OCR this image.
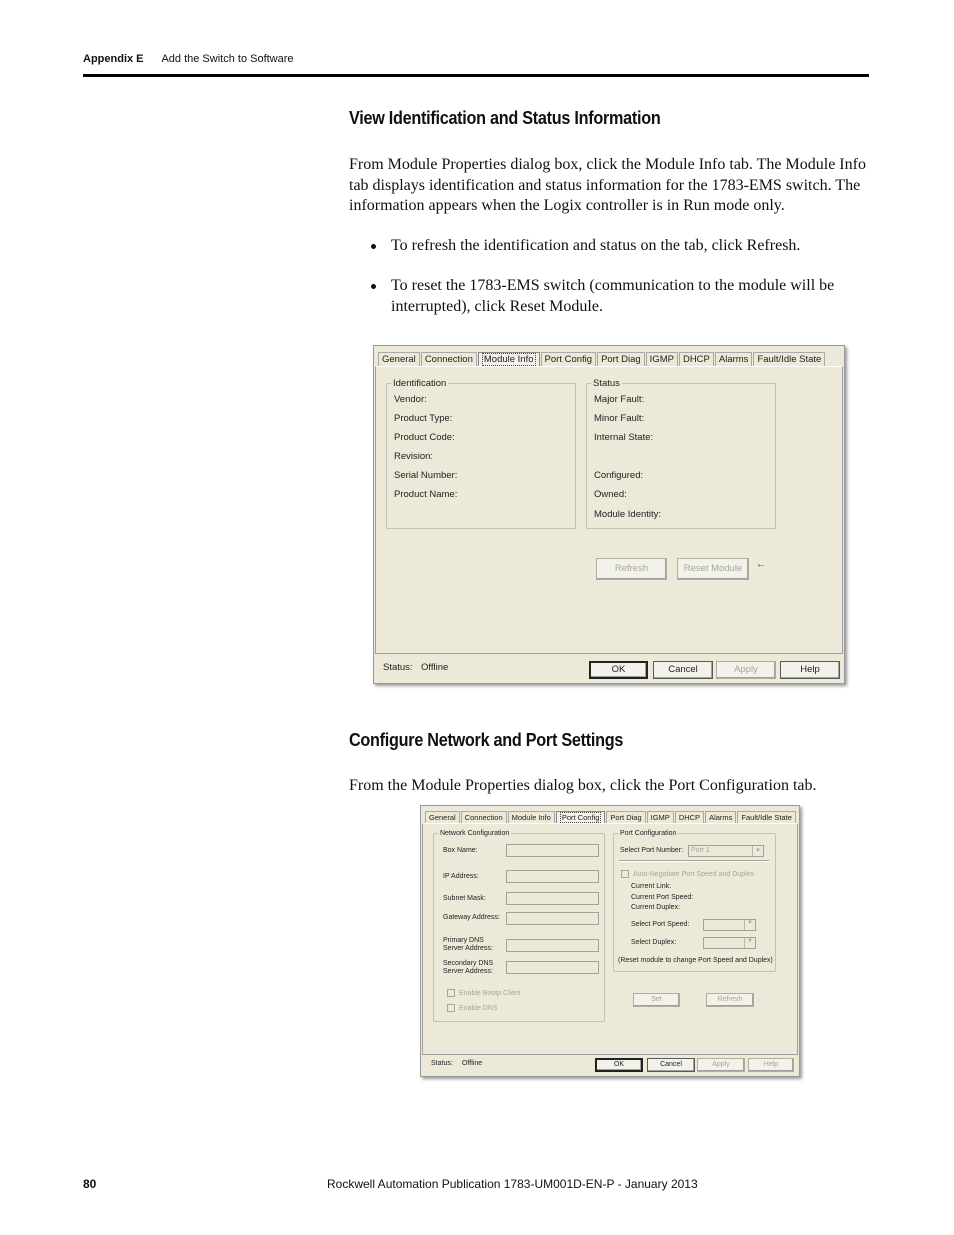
Appendix E Add the Switch to Software
View Identification and Status Information

From Module Properties dialog box, click the Module Info tab. The Module Info tab displays identification and status information for the 1783-EMS switch. The information appears when the Logix controller is in Run mode only.

To refresh the identification and status on the tab, click Refresh.
To reset the 1783-EMS switch (communication to the module will be interrupted), click Reset Module.
General Connection	Module Info	Port Config Port Diag IGMP DHCP Alarms Fault/Idle State
Identification
Vendor:
Product Type:
Product Code:
Revision:
Serial Number:
Product Name:
Status
Major Fault:
Minor Fault:
Internal State:
Configured:
Owned:
Module Identity:
Refresh	Reset Module	←
Status: Offline	OK	Cancel	Apply	Help
Configure Network and Port Settings

From the Module Properties dialog box, click the Port Configuration tab.

General	Connection	Module Info	Port Config	Port Diag	IGMP	DHCP	Alarms	Fault/Idle State
Network Configuration
Box Name:
IP Address:
Subnet Mask:
Gateway Address:
Primary DNS
Server Address:
Secondary DNS
Server Address:
Enable Bootp Client
Enable DNS
Port Configuration
Select Port Number:	Port 1	▼
Auto-Negotiate Port Speed and Duplex
Current Link:
Current Port Speed:
Current Duplex:
Select Port Speed:	▼
Select Duplex:	▼
(Reset module to change Port Speed and Duplex)
Set	Refresh
Status: Offline	OK	Cancel	Apply	Help
80	Rockwell Automation Publication 1783-UM001D-EN-P - January 2013
